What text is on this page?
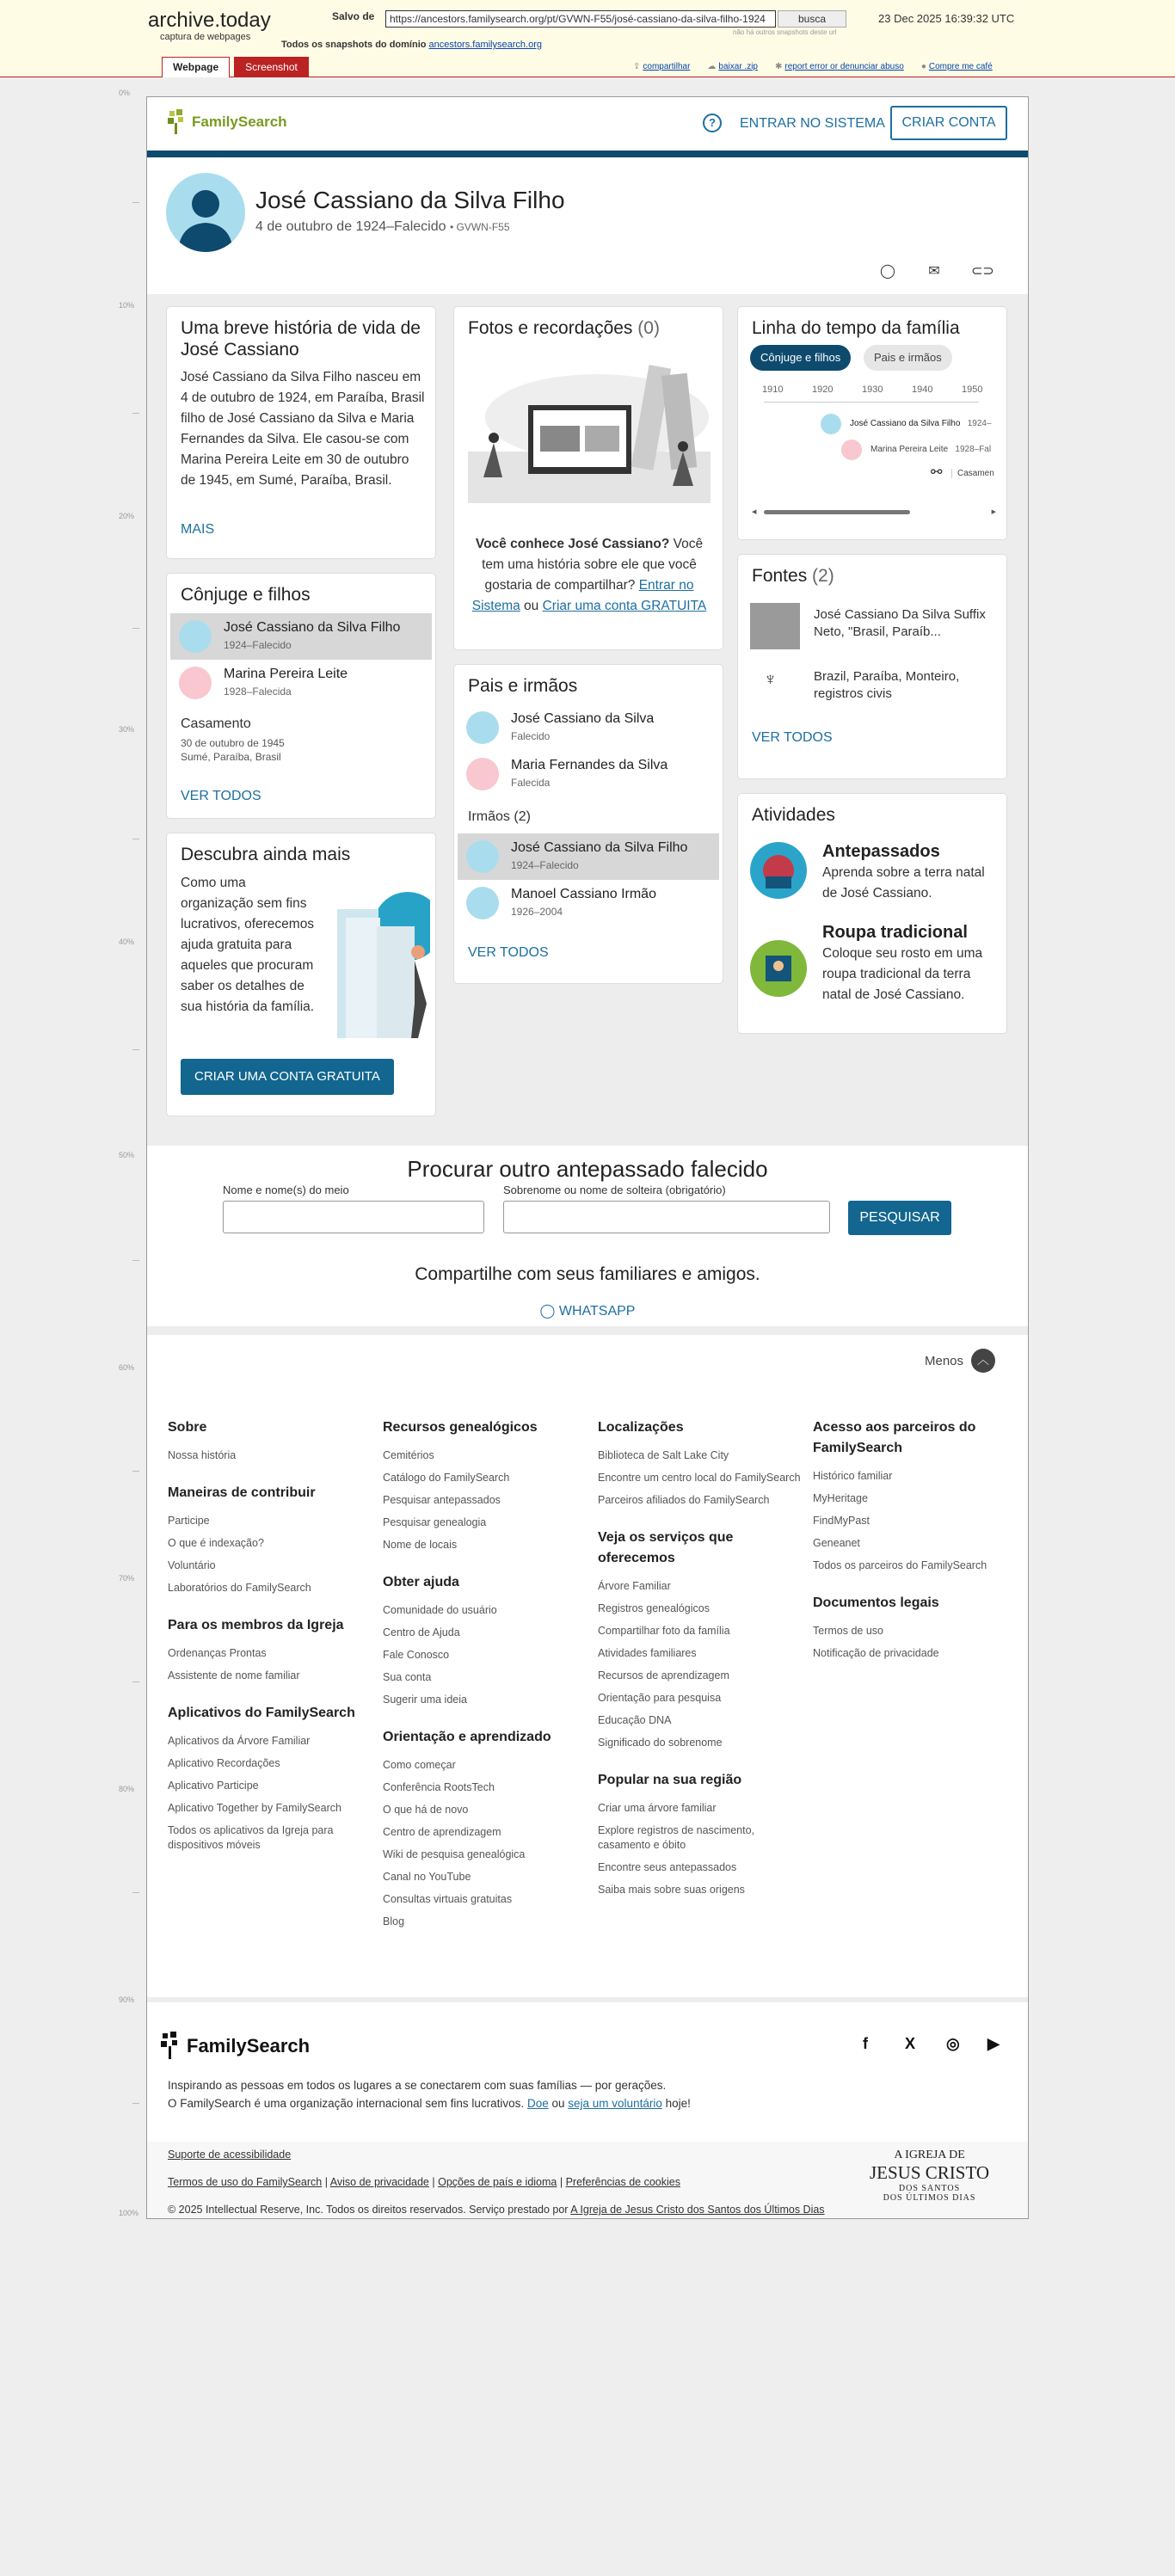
archive.today
captura de webpages
Salvo de	https://ancestors.familysearch.org/pt/GVWN-F55/josé-cassiano-da-silva-filho-1924	busca	23 Dec 2025 16:39:32 UTC
não há outros snapshots deste url
Todos os snapshots do domínio ancestors.familysearch.org
Webpage	Screenshot	⇪ compartilhar ☁ baixar .zip ✱ report error or denunciar abuso ● Compre me café
0%
10%
20%
30%
40%
50%
60%
70%
80%
90%
100%
FamilySearch	?	ENTRAR NO SISTEMA	CRIAR CONTA
José Cassiano da Silva Filho
4 de outubro de 1924–Falecido • GVWN-F55
◯ ✉ ⊂⊃
Uma breve história de vida de José Cassiano
José Cassiano da Silva Filho nasceu em 4 de outubro de 1924, em Paraíba, Brasil filho de José Cassiano da Silva e Maria Fernandes da Silva. Ele casou-se com Marina Pereira Leite em 30 de outubro de 1945, em Sumé, Paraíba, Brasil.
MAIS
Cônjuge e filhos
José Cassiano da Silva Filho
1924–Falecido
Marina Pereira Leite
1928–Falecida
Casamento
30 de outubro de 1945
Sumé, Paraíba, Brasil
VER TODOS
Descubra ainda mais
Como uma organização sem fins lucrativos, oferecemos ajuda gratuita para aqueles que procuram saber os detalhes de sua história da família.
CRIAR UMA CONTA GRATUITA
Fotos e recordações (0)
Você conhece José Cassiano? Você tem uma história sobre ele que você gostaria de compartilhar? Entrar no Sistema ou Criar uma conta GRATUITA
Pais e irmãos
José Cassiano da Silva
Falecido
Maria Fernandes da Silva
Falecida
Irmãos (2)
José Cassiano da Silva Filho
1924–Falecido
Manoel Cassiano Irmão
1926–2004
VER TODOS
Linha do tempo da família
Cônjuge e filhos	Pais e irmãos
1910	1920	1930	1940	1950
José Cassiano da Silva Filho 1924–
Marina Pereira Leite 1928–Fal
⚯	Casamen
◀	▶
Fontes (2)
José Cassiano Da Silva Suffix Neto, "Brasil, Paraíb...
♆	Brazil, Paraíba, Monteiro, registros civis
VER TODOS
Atividades
Antepassados
Aprenda sobre a terra natal de José Cassiano.
Roupa tradicional
Coloque seu rosto em uma roupa tradicional da terra natal de José Cassiano.
Procurar outro antepassado falecido
Nome e nome(s) do meio	Sobrenome ou nome de solteira (obrigatório)
PESQUISAR
Compartilhe com seus familiares e amigos.
◯ WHATSAPP
Menos	︿
Sobre

Nossa história

Maneiras de contribuir

Participe

O que é indexação?

Voluntário

Laboratórios do FamilySearch

Para os membros da Igreja

Ordenanças Prontas

Assistente de nome familiar

Aplicativos do FamilySearch

Aplicativos da Árvore Familiar

Aplicativo Recordações

Aplicativo Participe

Aplicativo Together by FamilySearch

Todos os aplicativos da Igreja para dispositivos móveis

Recursos genealógicos

Cemitérios

Catálogo do FamilySearch

Pesquisar antepassados

Pesquisar genealogia

Nome de locais

Obter ajuda

Comunidade do usuário

Centro de Ajuda

Fale Conosco

Sua conta

Sugerir uma ideia

Orientação e aprendizado

Como começar

Conferência RootsTech

O que há de novo

Centro de aprendizagem

Wiki de pesquisa genealógica

Canal no YouTube

Consultas virtuais gratuitas

Blog

Localizações

Biblioteca de Salt Lake City

Encontre um centro local do FamilySearch

Parceiros afiliados do FamilySearch

Veja os serviços que oferecemos

Árvore Familiar

Registros genealógicos

Compartilhar foto da família

Atividades familiares

Recursos de aprendizagem

Orientação para pesquisa

Educação DNA

Significado do sobrenome

Popular na sua região

Criar uma árvore familiar

Explore registros de nascimento, casamento e óbito

Encontre seus antepassados

Saiba mais sobre suas origens

Acesso aos parceiros do FamilySearch

Histórico familiar

MyHeritage

FindMyPast

Geneanet

Todos os parceiros do FamilySearch

Documentos legais

Termos de uso

Notificação de privacidade

FamilySearch	f X ◎ ▶
Inspirando as pessoas em todos os lugares a se conectarem com suas famílias — por gerações.
O FamilySearch é uma organização internacional sem fins lucrativos. Doe ou seja um voluntário hoje!
Suporte de acessibilidade
Termos de uso do FamilySearch | Aviso de privacidade | Opções de país e idioma | Preferências de cookies
© 2025 Intellectual Reserve, Inc. Todos os direitos reservados. Serviço prestado por A Igreja de Jesus Cristo dos Santos dos Últimos Dias
A IGREJA DE
JESUS CRISTO
DOS SANTOS
DOS ÚLTIMOS DIAS
